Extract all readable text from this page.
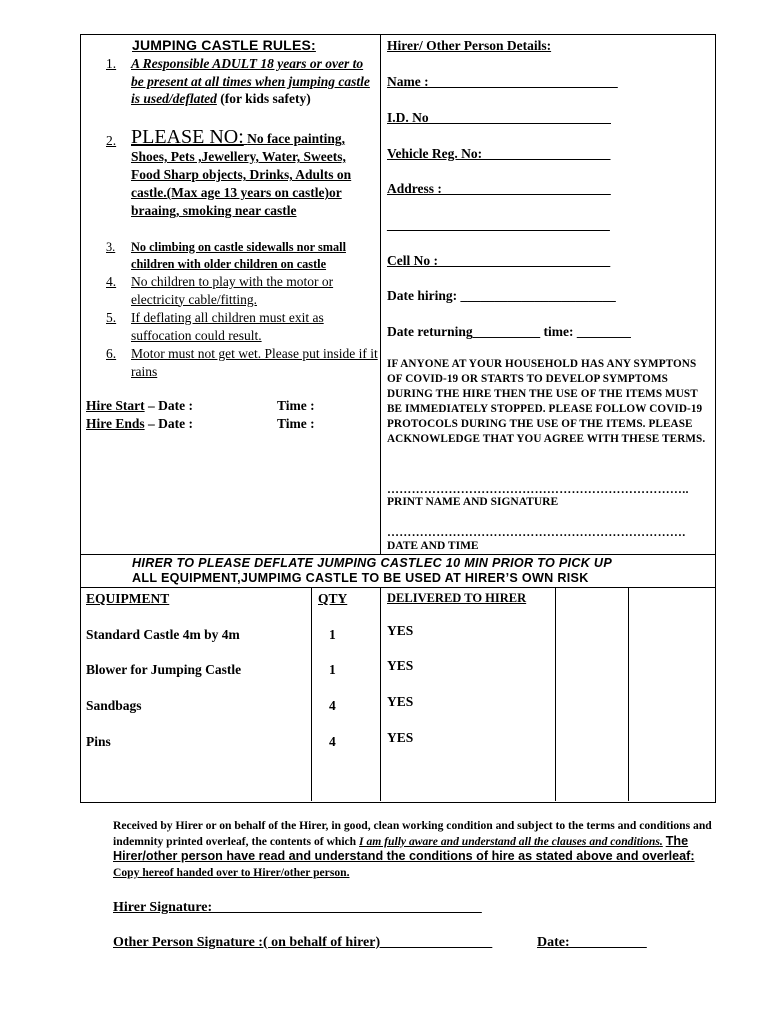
JUMPING CASTLE RULES:
1. A Responsible ADULT 18 years or over to be present at all times when jumping castle is used/deflated (for kids safety)
2. PLEASE NO: No face painting, Shoes, Pets ,Jewellery, Water, Sweets, Food Sharp objects, Drinks, Adults on castle.(Max age 13 years on castle)or braaing, smoking near castle
3. No climbing on castle sidewalls nor small children with older children on castle
4. No children to play with the motor or electricity cable/fitting.
5. If deflating all children must exit as suffocation could result.
6. Motor must not get wet. Please put inside if it rains
Hire Start – Date :	Time :
Hire Ends – Date :	Time :
Hirer/ Other Person Details:
Name :____________________________
I.D. No___________________________
Vehicle Reg. No:___________________
Address :_________________________
_________________________________
Cell No : _________________________
Date hiring: _______________________
Date returning__________ time: ________
IF ANYONE AT YOUR HOUSEHOLD HAS ANY SYMPTONS OF COVID-19 OR STARTS TO DEVELOP SYMPTOMS DURING THE HIRE THEN THE USE OF THE ITEMS MUST BE IMMEDIATELY STOPPED. PLEASE FOLLOW COVID-19 PROTOCOLS DURING THE USE OF THE ITEMS. PLEASE ACKNOWLEDGE THAT YOU AGREE WITH THESE TERMS.
………………………………………………………………..
PRINT NAME AND SIGNATURE
……………………………………………………………….
DATE AND TIME
HIRER TO PLEASE DEFLATE JUMPING CASTLEC 10 MIN PRIOR TO PICK UP
ALL EQUIPMENT,JUMPIMG CASTLE TO BE USED AT HIRER’S OWN RISK
EQUIPMENT	QTY	DELIVERED TO HIRER
Standard Castle 4m by 4m	1	YES
Blower for Jumping Castle	1	YES
Sandbags	4	YES
Pins	4	YES
Received by Hirer or on behalf of the Hirer, in good, clean working condition and subject to the terms and conditions and indemnity printed overleaf, the contents of which I am fully aware and understand all the clauses and conditions. The Hirer/other person have read and understand the conditions of hire as stated above and overleaf: Copy hereof handed over to Hirer/other person.
Hirer Signature: ______________________________________
Other Person Signature :( on behalf of hirer) _____           _____	Date:___________
